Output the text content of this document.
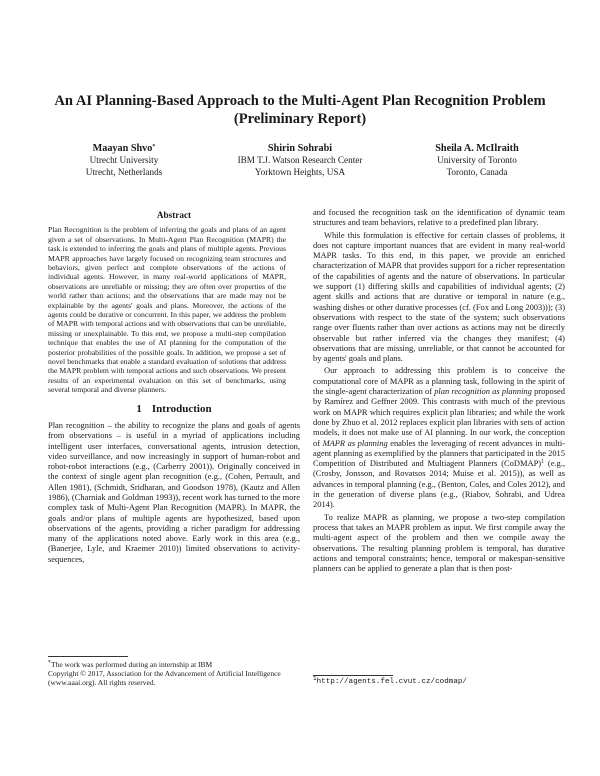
An AI Planning-Based Approach to the Multi-Agent Plan Recognition Problem
(Preliminary Report)
Maayan Shvo*
Utrecht University
Utrecht, Netherlands
Shirin Sohrabi
IBM T.J. Watson Research Center
Yorktown Heights, USA
Sheila A. McIlraith
University of Toronto
Toronto, Canada
Abstract

Plan Recognition is the problem of inferring the goals and plans of an agent given a set of observations. In Multi-Agent Plan Recognition (MAPR) the task is extended to inferring the goals and plans of multiple agents. Previous MAPR approaches have largely focused on recognizing team structures and behaviors, given perfect and complete observations of the actions of individual agents. However, in many real-world applications of MAPR, observations are unreliable or missing; they are often over properties of the world rather than actions; and the observations that are made may not be explainable by the agents' goals and plans. Moreover, the actions of the agents could be durative or concurrent. In this paper, we address the problem of MAPR with temporal actions and with observations that can be unreliable, missing or unexplainable. To this end, we propose a multi-step compilation technique that enables the use of AI planning for the computation of the posterior probabilities of the possible goals. In addition, we propose a set of novel benchmarks that enable a standard evaluation of solutions that address the MAPR problem with temporal actions and such observations. We present results of an experimental evaluation on this set of benchmarks, using several temporal and diverse planners.

1 Introduction

Plan recognition – the ability to recognize the plans and goals of agents from observations – is useful in a myriad of applications including intelligent user interfaces, conversational agents, intrusion detection, video surveillance, and now increasingly in support of human-robot and robot-robot interactions (e.g., (Carberry 2001)). Originally conceived in the context of single agent plan recognition (e.g., (Cohen, Perrault, and Allen 1981), (Schmidt, Sridharan, and Goodson 1978), (Kautz and Allen 1986), (Charniak and Goldman 1993)), recent work has turned to the more complex task of Multi-Agent Plan Recognition (MAPR). In MAPR, the goals and/or plans of multiple agents are hypothesized, based upon observations of the agents, providing a richer paradigm for addressing many of the applications noted above. Early work in this area (e.g., (Banerjee, Lyle, and Kraemer 2010)) limited observations to activity-sequences,

and focused the recognition task on the identification of dynamic team structures and team behaviors, relative to a predefined plan library.

While this formulation is effective for certain classes of problems, it does not capture important nuances that are evident in many real-world MAPR tasks. To this end, in this paper, we provide an enriched characterization of MAPR that provides support for a richer representation of the capabilities of agents and the nature of observations. In particular we support (1) differing skills and capabilities of individual agents; (2) agent skills and actions that are durative or temporal in nature (e.g., washing dishes or other durative processes (cf. (Fox and Long 2003))); (3) observations with respect to the state of the system; such observations range over fluents rather than over actions as actions may not be directly observable but rather inferred via the changes they manifest; (4) observations that are missing, unreliable, or that cannot be accounted for by agents' goals and plans.

Our approach to addressing this problem is to conceive the computational core of MAPR as a planning task, following in the spirit of the single-agent characterization of plan recognition as planning proposed by Ramírez and Geffner 2009. This contrasts with much of the previous work on MAPR which requires explicit plan libraries; and while the work done by Zhuo et al. 2012 replaces explicit plan libraries with sets of action models, it does not make use of AI planning. In our work, the conception of MAPR as planning enables the leveraging of recent advances in multi-agent planning as exemplified by the planners that participated in the 2015 Competition of Distributed and Multiagent Planners (CoDMAP)$^1$ (e.g., (Crosby, Jonsson, and Rovatsos 2014; Muise et al. 2015)), as well as advances in temporal planning (e.g., (Benton, Coles, and Coles 2012), and in the generation of diverse plans (e.g., (Riabov, Sohrabi, and Udrea 2014).

To realize MAPR as planning, we propose a two-step compilation process that takes an MAPR problem as input. We first compile away the multi-agent aspect of the problem and then we compile away the observations. The resulting planning problem is temporal, has durative actions and temporal constraints; hence, temporal or makespan-sensitive planners can be applied to generate a plan that is then post-

*The work was performed during an internship at IBM
Copyright © 2017, Association for the Advancement of Artificial Intelligence (www.aaai.org). All rights reserved.	$^1$http://agents.fel.cvut.cz/codmap/
